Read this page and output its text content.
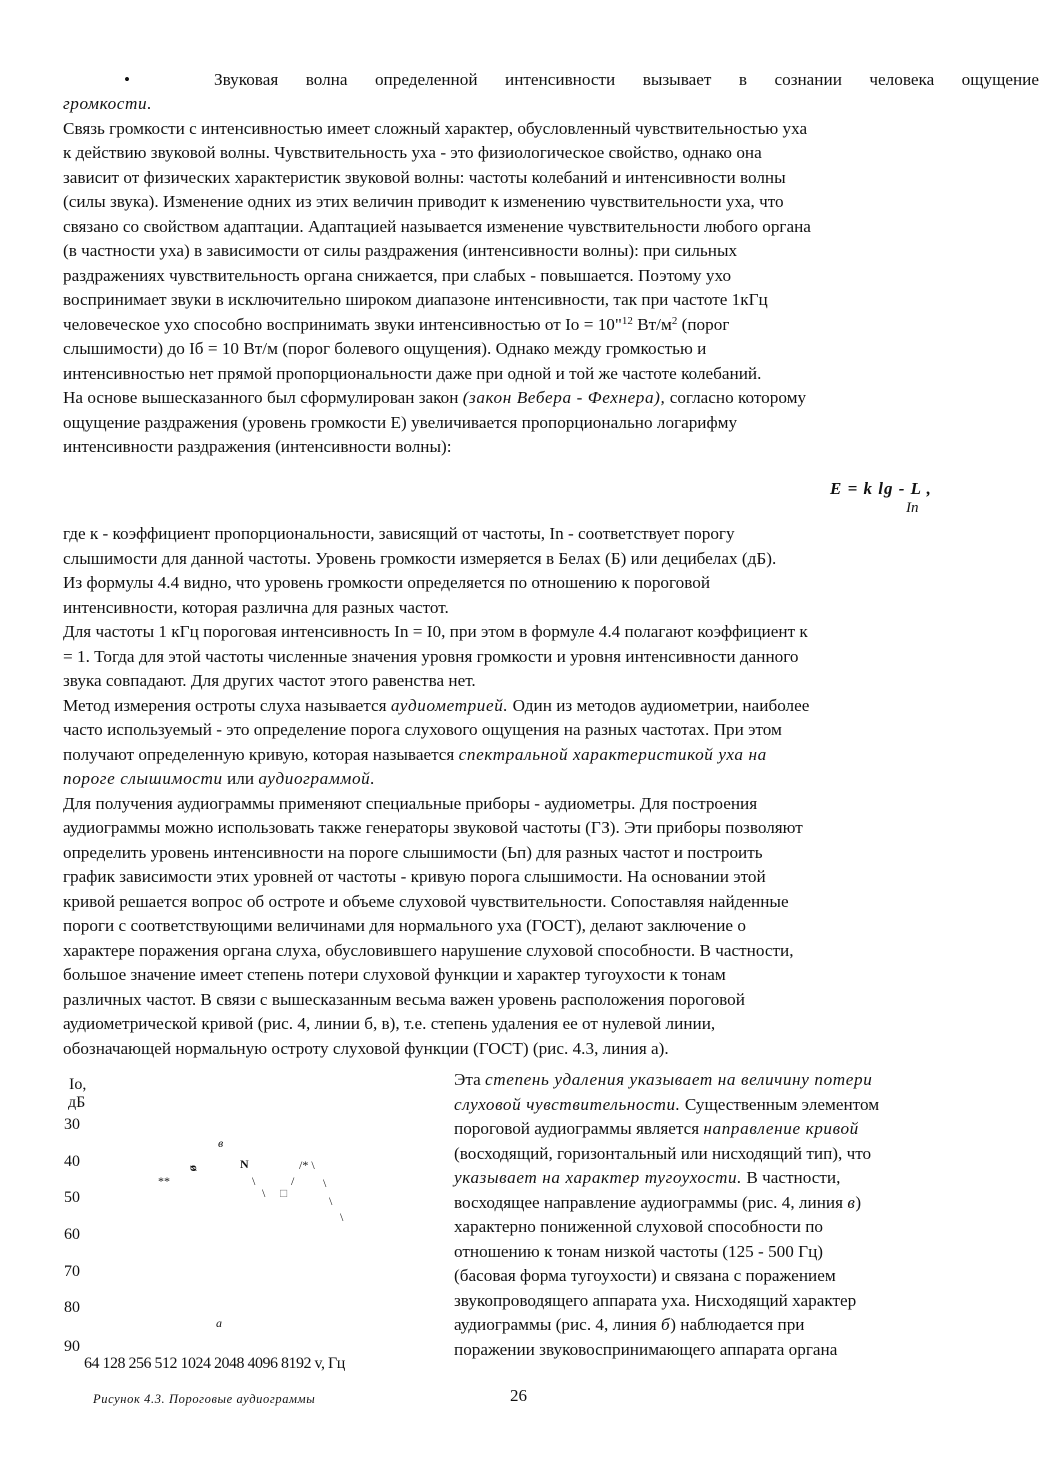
•	Звуковая волна определенной интенсивности вызывает в сознании человека ощущение
громкости.
Связь громкости с интенсивностью имеет сложный характер, обусловленный чувствительностью уха
к действию звуковой волны. Чувствительность уха - это физиологическое свойство, однако она
зависит от физических характеристик звуковой волны: частоты колебаний и интенсивности волны
(силы звука). Изменение одних из этих величин приводит к изменению чувствительности уха, что
связано со свойством адаптации. Адаптацией называется изменение чувствительности любого органа
(в частности уха) в зависимости от силы раздражения (интенсивности волны): при сильных
раздражениях чувствительность органа снижается, при слабых - повышается. Поэтому ухо
воспринимает звуки в исключительно широком диапазоне интенсивности, так при частоте 1кГц
человеческое ухо способно воспринимать звуки интенсивностью от Io = 10"$^{12}$ $Вт/м^2$ (порог
слышимости) до Iб = 10 Вт/м (порог болевого ощущения). Однако между громкостью и
интенсивностью нет прямой пропорциональности даже при одной и той же частоте колебаний.
На основе вышесказанного был сформулирован закон (закон Вебера - Фехнера), согласно которому
ощущение раздражения (уровень громкости Е) увеличивается пропорционально логарифму
интенсивности раздражения (интенсивности волны):
E = k lg - L ,
In
где к - коэффициент пропорциональности, зависящий от частоты, In - соответствует порогу
слышимости для данной частоты. Уровень громкости измеряется в Белах (Б) или децибелах (дБ).
Из формулы 4.4 видно, что уровень громкости определяется по отношению к пороговой
интенсивности, которая различна для разных частот.
Для частоты 1 кГц пороговая интенсивность In = I0, при этом в формуле 4.4 полагают коэффициент к
= 1. Тогда для этой частоты численные значения уровня громкости и уровня интенсивности данного
звука совпадают. Для других частот этого равенства нет.
Метод измерения остроты слуха называется аудиометрией. Один из методов аудиометрии, наиболее
часто используемый - это определение порога слухового ощущения на разных частотах. При этом
получают определенную кривую, которая называется спектральной характеристикой уха на
пороге слышимости или аудиограммой.
Для получения аудиограммы применяют специальные приборы - аудиометры. Для построения
аудиограммы можно использовать также генераторы звуковой частоты (ГЗ). Эти приборы позволяют
определить уровень интенсивности на пороге слышимости (Ьп) для разных частот и построить
график зависимости этих уровней от частоты - кривую порога слышимости. На основании этой
кривой решается вопрос об остроте и объеме слуховой чувствительности. Сопоставляя найденные
пороги с соответствующими величинами для нормального уха (ГОСТ), делают заключение о
характере поражения органа слуха, обусловившего нарушение слуховой способности. В частности,
большое значение имеет степень потери слуховой функции и характер тугоухости к тонам
различных частот. В связи с вышесказанным весьма важен уровень расположения пороговой
аудиометрической кривой (рис. 4, линии б, в), т.е. степень удаления ее от нулевой линии,
обозначающей нормальную остроту слуховой функции (ГОСТ) (рис. 4.3, линия а).
Эта степень удаления указывает на величину потери
слуховой чувствительности. Существенным элементом
пороговой аудиограммы является направление кривой
(восходящий, горизонтальный или нисходящий тип), что
указывает на характер тугоухости. В частности,
восходящее направление аудиограммы (рис. 4, линия в)
характерно пониженной слуховой способности по
отношению к тонам низкой частоты (125 - 500 Гц)
(басовая форма тугоухости) и связана с поражением
звукопроводящего аппарата уха. Нисходящий характер
аудиограммы (рис. 4, линия б) наблюдается при
поражении звуковоспринимающего аппарата органа
Io,
дБ
30
40
50
60
70
80
90
в
**
ᴓ	N	/* \
\	/ \
\ □
\
\
а
64 128 256 512 1024 2048 4096 8192 v, Гц
Рисунок 4.3. Пороговые аудиограммы	26
